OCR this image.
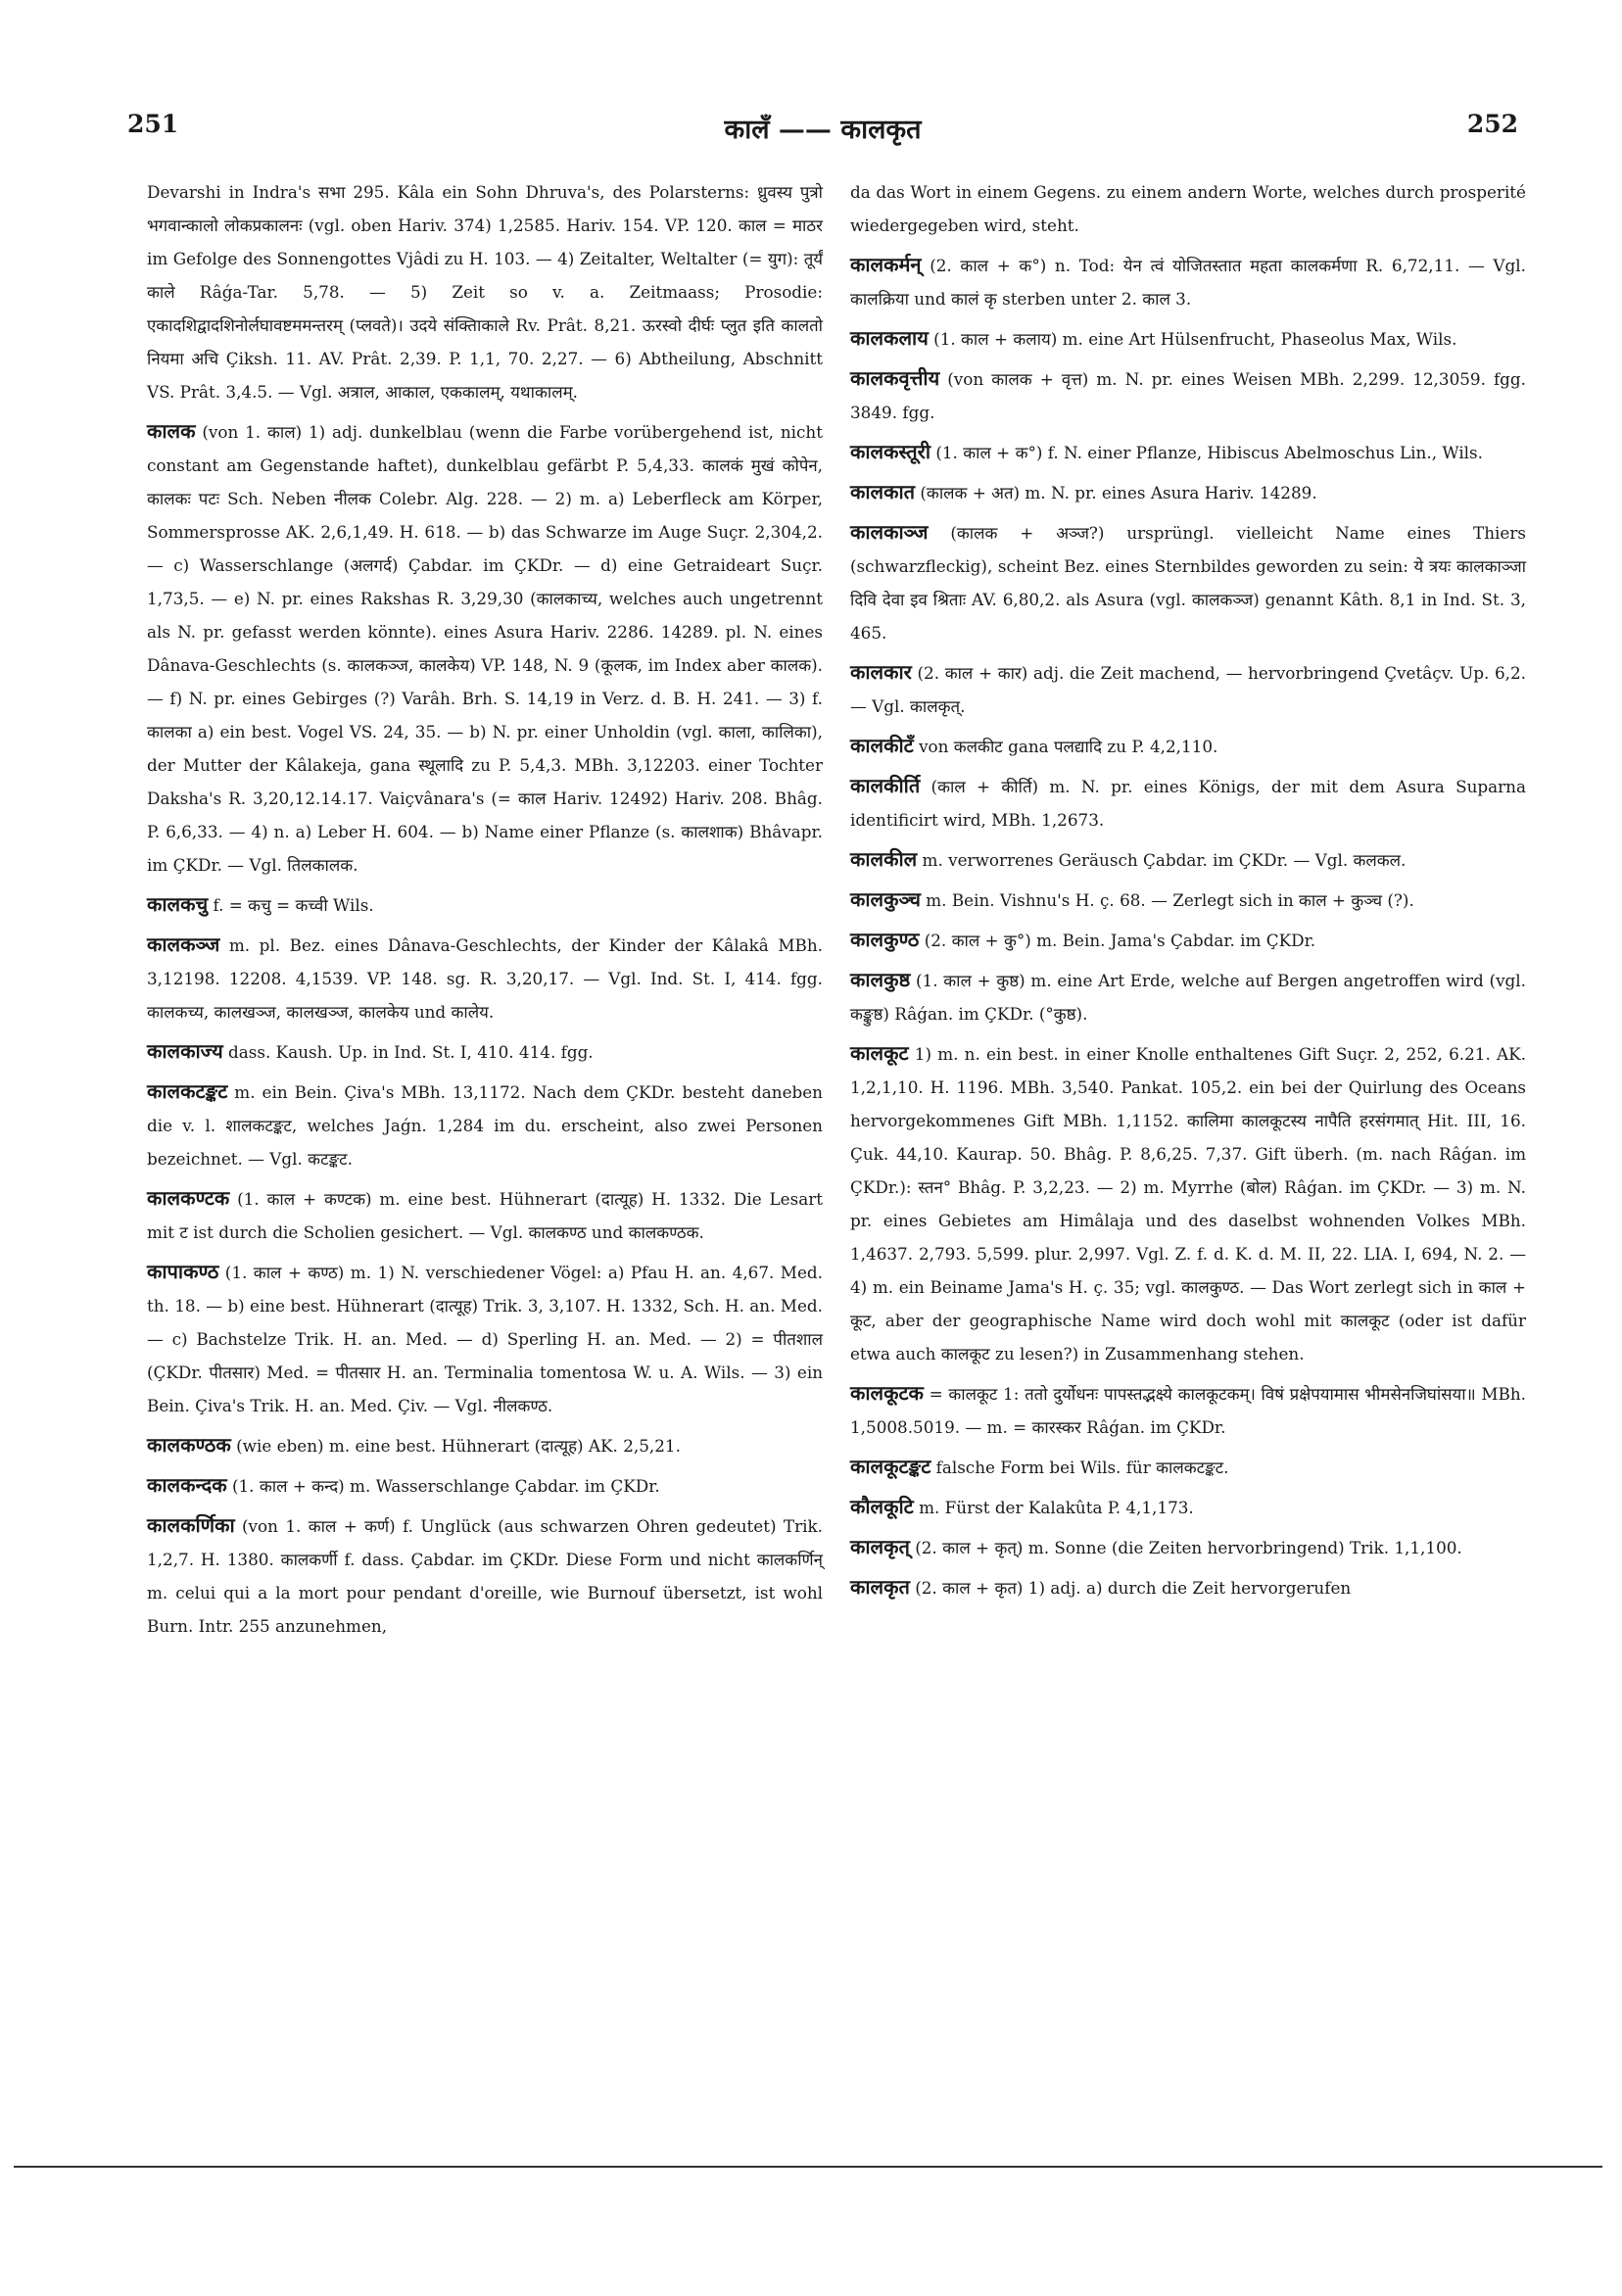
251	कालँ —— कालकृत	252

Devarshi in Indra's सभा 295. Kâla ein Sohn Dhruva's, des Polarsterns: ध्रुवस्य पुत्रो भगवान्कालो लोकप्रकालनः (vgl. oben Hariv. 374) 1,2585. Hariv. 154. VP. 120. काल = माठर im Gefolge des Sonnengottes Vjâdi zu H. 103. — 4) Zeitalter, Weltalter (= युग): तूर्यं काले Râǵa-Tar. 5,78. — 5) Zeit so v. a. Zeitmaass; Prosodie: एकादशिद्वादशिनोर्लघावष्टममन्तरम् (प्लवते)। उदये संक्तिाकाले Rv. Prât. 8,21. ऊरस्वो दीर्घः प्लुत इति कालतो नियमा अचि Çiksh. 11. AV. Prât. 2,39. P. 1,1, 70. 2,27. — 6) Abtheilung, Abschnitt VS. Prât. 3,4.5. — Vgl. अत्राल, आकाल, एककालम्, यथाकालम्.

कालक (von 1. काल) 1) adj. dunkelblau (wenn die Farbe vorübergehend ist, nicht constant am Gegenstande haftet), dunkelblau gefärbt P. 5,4,33. कालकं मुखं कोपेन, कालकः पटः Sch. Neben नीलक Colebr. Alg. 228. — 2) m. a) Leberfleck am Körper, Sommersprosse AK. 2,6,1,49. H. 618. — b) das Schwarze im Auge Suçr. 2,304,2. — c) Wasserschlange (अलगर्द) Çabdar. im ÇKDr. — d) eine Getraideart Suçr. 1,73,5. — e) N. pr. eines Rakshas R. 3,29,30 (कालकाच्य, welches auch ungetrennt als N. pr. gefasst werden könnte). eines Asura Hariv. 2286. 14289. pl. N. eines Dânava-Geschlechts (s. कालकञ्ज, कालकेय) VP. 148, N. 9 (कूलक, im Index aber कालक). — f) N. pr. eines Gebirges (?) Varâh. Brh. S. 14,19 in Verz. d. B. H. 241. — 3) f. कालका a) ein best. Vogel VS. 24, 35. — b) N. pr. einer Unholdin (vgl. काला, कालिका), der Mutter der Kâlakeja, gana स्थूलादि zu P. 5,4,3. MBh. 3,12203. einer Tochter Daksha's R. 3,20,12.14.17. Vaiçvânara's (= काल Hariv. 12492) Hariv. 208. Bhâg. P. 6,6,33. — 4) n. a) Leber H. 604. — b) Name einer Pflanze (s. कालशाक) Bhâvapr. im ÇKDr. — Vgl. तिलकालक.

कालकचु f. = कचु = कच्वी Wils.

कालकञ्ज m. pl. Bez. eines Dânava-Geschlechts, der Kinder der Kâlakâ MBh. 3,12198. 12208. 4,1539. VP. 148. sg. R. 3,20,17. — Vgl. Ind. St. I, 414. fgg. कालकच्य, कालखञ्ज, कालखञ्ज, कालकेय und कालेय.

कालकाज्य dass. Kaush. Up. in Ind. St. I, 410. 414. fgg.

कालकटङ्कट m. ein Bein. Çiva's MBh. 13,1172. Nach dem ÇKDr. besteht daneben die v. l. शालकटङ्कट, welches Jaǵn. 1,284 im du. erscheint, also zwei Personen bezeichnet. — Vgl. कटङ्कट.

कालकण्टक (1. काल + कण्टक) m. eine best. Hühnerart (दात्यूह) H. 1332. Die Lesart mit ट ist durch die Scholien gesichert. — Vgl. कालकण्ठ und कालकण्ठक.

कापाकण्ठ (1. काल + कण्ठ) m. 1) N. verschiedener Vögel: a) Pfau H. an. 4,67. Med. th. 18. — b) eine best. Hühnerart (दात्यूह) Trik. 3, 3,107. H. 1332, Sch. H. an. Med. — c) Bachstelze Trik. H. an. Med. — d) Sperling H. an. Med. — 2) = पीतशाल (ÇKDr. पीतसार) Med. = पीतसार H. an. Terminalia tomentosa W. u. A. Wils. — 3) ein Bein. Çiva's Trik. H. an. Med. Çiv. — Vgl. नीलकण्ठ.

कालकण्ठक (wie eben) m. eine best. Hühnerart (दात्यूह) AK. 2,5,21.

कालकन्दक (1. काल + कन्द) m. Wasserschlange Çabdar. im ÇKDr.

कालकर्णिका (von 1. काल + कर्ण) f. Unglück (aus schwarzen Ohren gedeutet) Trik. 1,2,7. H. 1380. कालकर्णी f. dass. Çabdar. im ÇKDr. Diese Form und nicht कालकर्णिन् m. celui qui a la mort pour pendant d'oreille, wie Burnouf übersetzt, ist wohl Burn. Intr. 255 anzunehmen,

da das Wort in einem Gegens. zu einem andern Worte, welches durch prosperité wiedergegeben wird, steht.

कालकर्मन् (2. काल + क°) n. Tod: येन त्वं योजितस्तात महता कालकर्मणा R. 6,72,11. — Vgl. कालक्रिया und कालं कृ sterben unter 2. काल 3.

कालकलाय (1. काल + कलाय) m. eine Art Hülsenfrucht, Phaseolus Max, Wils.

कालकवृत्तीय (von कालक + वृत्त) m. N. pr. eines Weisen MBh. 2,299. 12,3059. fgg. 3849. fgg.

कालकस्तूरी (1. काल + क°) f. N. einer Pflanze, Hibiscus Abelmoschus Lin., Wils.

कालकात (कालक + अत) m. N. pr. eines Asura Hariv. 14289.

कालकाञ्ज (कालक + अञ्ज?) ursprüngl. vielleicht Name eines Thiers (schwarzfleckig), scheint Bez. eines Sternbildes geworden zu sein: ये त्रयः कालकाञ्जा दिवि देवा इव श्रिताः AV. 6,80,2. als Asura (vgl. कालकञ्ज) genannt Kâth. 8,1 in Ind. St. 3, 465.

कालकार (2. काल + कार) adj. die Zeit machend, — hervorbringend Çvetâçv. Up. 6,2. — Vgl. कालकृत्.

कालकीटँ von कलकीट gana पलद्यादि zu P. 4,2,110.

कालकीर्ति (काल + कीर्ति) m. N. pr. eines Königs, der mit dem Asura Suparna identificirt wird, MBh. 1,2673.

कालकील m. verworrenes Geräusch Çabdar. im ÇKDr. — Vgl. कलकल.

कालकुञ्च m. Bein. Vishnu's H. ç. 68. — Zerlegt sich in काल + कुञ्च (?).

कालकुण्ठ (2. काल + कु°) m. Bein. Jama's Çabdar. im ÇKDr.

कालकुष्ठ (1. काल + कुष्ठ) m. eine Art Erde, welche auf Bergen angetroffen wird (vgl. कङ्कुष्ठ) Râǵan. im ÇKDr. (°कुष्ठ).

कालकूट 1) m. n. ein best. in einer Knolle enthaltenes Gift Suçr. 2, 252, 6.21. AK. 1,2,1,10. H. 1196. MBh. 3,540. Pankat. 105,2. ein bei der Quirlung des Oceans hervorgekommenes Gift MBh. 1,1152. कालिमा कालकूटस्य नापैति हरसंगमात् Hit. III, 16. Çuk. 44,10. Kaurap. 50. Bhâg. P. 8,6,25. 7,37. Gift überh. (m. nach Râǵan. im ÇKDr.): स्तन° Bhâg. P. 3,2,23. — 2) m. Myrrhe (बोल) Râǵan. im ÇKDr. — 3) m. N. pr. eines Gebietes am Himâlaja und des daselbst wohnenden Volkes MBh. 1,4637. 2,793. 5,599. plur. 2,997. Vgl. Z. f. d. K. d. M. II, 22. LIA. I, 694, N. 2. — 4) m. ein Beiname Jama's H. ç. 35; vgl. कालकुण्ठ. — Das Wort zerlegt sich in काल + कूट, aber der geographische Name wird doch wohl mit कालकूट (oder ist dafür etwa auch कालकूट zu lesen?) in Zusammenhang stehen.

कालकूटक = कालकूट 1: ततो दुर्योधनः पापस्तद्भक्ष्ये कालकूटकम्। विषं प्रक्षेपयामास भीमसेनजिघांसया॥ MBh. 1,5008.5019. — m. = कारस्कर Râǵan. im ÇKDr.

कालकूटङ्कट falsche Form bei Wils. für कालकटङ्कट.

कौलकूटि m. Fürst der Kalakûta P. 4,1,173.

कालकृत् (2. काल + कृत्) m. Sonne (die Zeiten hervorbringend) Trik. 1,1,100.

कालकृत (2. काल + कृत) 1) adj. a) durch die Zeit hervorgerufen
